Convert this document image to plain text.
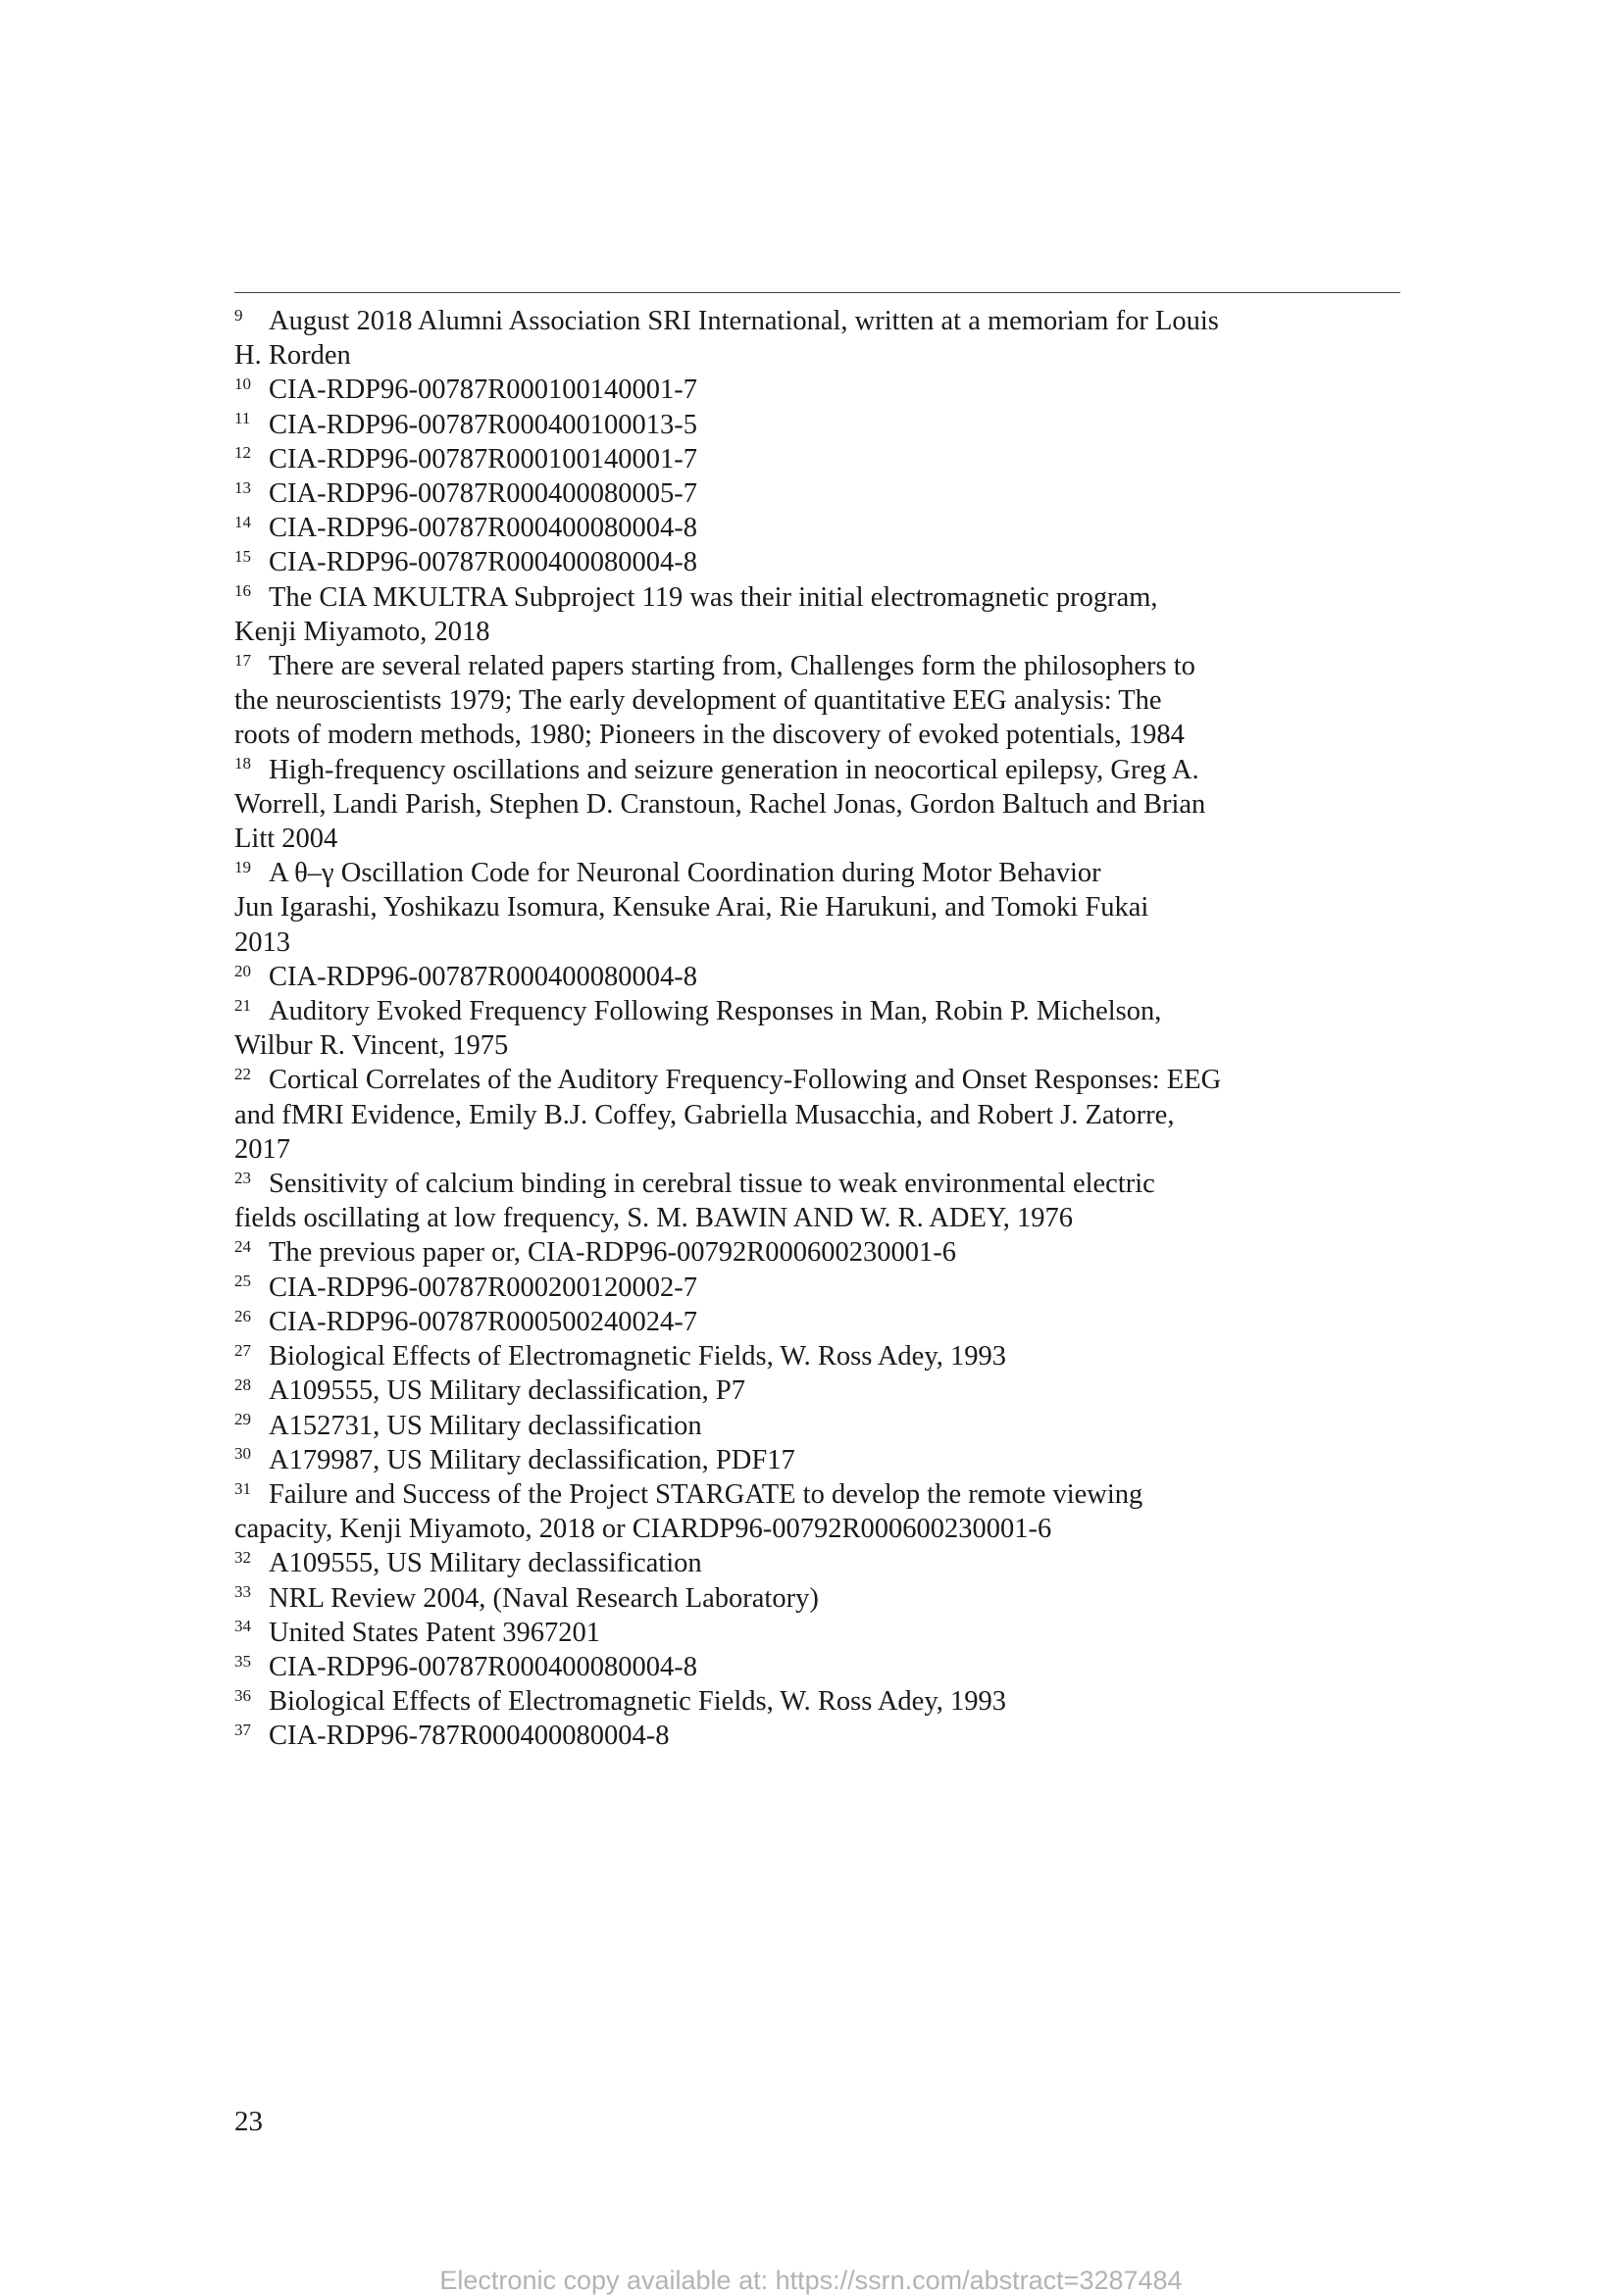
9 August 2018 Alumni Association SRI International, written at a memoriam for Louis
H. Rorden
10 CIA-RDP96-00787R000100140001-7
11 CIA-RDP96-00787R000400100013-5
12 CIA-RDP96-00787R000100140001-7
13 CIA-RDP96-00787R000400080005-7
14 CIA-RDP96-00787R000400080004-8
15 CIA-RDP96-00787R000400080004-8
16 The CIA MKULTRA Subproject 119 was their initial electromagnetic program,
Kenji Miyamoto, 2018
17 There are several related papers starting from, Challenges form the philosophers to
the neuroscientists 1979; The early development of quantitative EEG analysis: The
roots of modern methods, 1980; Pioneers in the discovery of evoked potentials, 1984
18 High-frequency oscillations and seizure generation in neocortical epilepsy, Greg A.
Worrell, Landi Parish, Stephen D. Cranstoun, Rachel Jonas, Gordon Baltuch and Brian
Litt 2004
19 A θ–γ Oscillation Code for Neuronal Coordination during Motor Behavior
Jun Igarashi, Yoshikazu Isomura, Kensuke Arai, Rie Harukuni, and Tomoki Fukai
2013
20 CIA-RDP96-00787R000400080004-8
21 Auditory Evoked Frequency Following Responses in Man, Robin P. Michelson,
Wilbur R. Vincent, 1975
22 Cortical Correlates of the Auditory Frequency-Following and Onset Responses: EEG
and fMRI Evidence, Emily B.J. Coffey, Gabriella Musacchia, and Robert J. Zatorre,
2017
23 Sensitivity of calcium binding in cerebral tissue to weak environmental electric
fields oscillating at low frequency, S. M. BAWIN AND W. R. ADEY, 1976
24 The previous paper or, CIA-RDP96-00792R000600230001-6
25 CIA-RDP96-00787R000200120002-7
26 CIA-RDP96-00787R000500240024-7
27 Biological Effects of Electromagnetic Fields, W. Ross Adey, 1993
28 A109555, US Military declassification, P7
29 A152731, US Military declassification
30 A179987, US Military declassification, PDF17
31 Failure and Success of the Project STARGATE to develop the remote viewing
capacity, Kenji Miyamoto, 2018 or CIARDP96-00792R000600230001-6
32 A109555, US Military declassification
33 NRL Review 2004, (Naval Research Laboratory)
34 United States Patent 3967201
35 CIA-RDP96-00787R000400080004-8
36 Biological Effects of Electromagnetic Fields, W. Ross Adey, 1993
37 CIA-RDP96-787R000400080004-8
23
Electronic copy available at: https://ssrn.com/abstract=3287484
